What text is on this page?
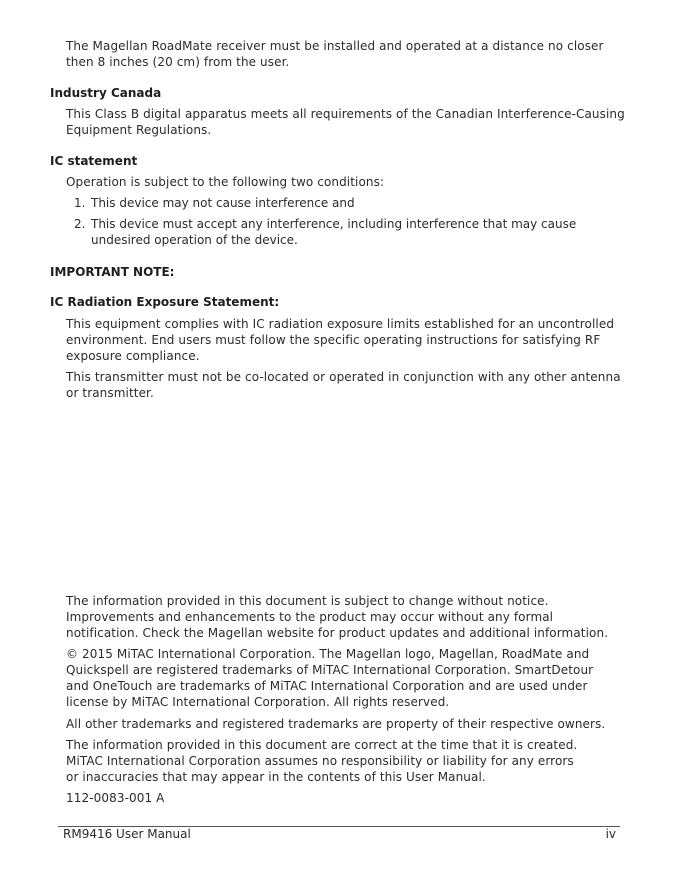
The Magellan RoadMate receiver must be installed and operated at a distance no closer then 8 inches (20 cm) from the user.

Industry Canada

This Class B digital apparatus meets all requirements of the Canadian Interference-Causing Equipment Regulations.

IC statement

Operation is subject to the following two conditions:

1. This device may not cause interference and
2. This device must accept any interference, including interference that may cause undesired operation of the device.

IMPORTANT NOTE:

IC Radiation Exposure Statement:

This equipment complies with IC radiation exposure limits established for an uncontrolled environment. End users must follow the specific operating instructions for satisfying RF exposure compliance.

This transmitter must not be co-located or operated in conjunction with any other antenna or transmitter.

The information provided in this document is subject to change without notice. Improvements and enhancements to the product may occur without any formal notification. Check the Magellan website for product updates and additional information.

© 2015 MiTAC International Corporation. The Magellan logo, Magellan, RoadMate and Quickspell are registered trademarks of MiTAC International Corporation. SmartDetour and OneTouch are trademarks of MiTAC International Corporation and are used under license by MiTAC International Corporation. All rights reserved.

All other trademarks and registered trademarks are property of their respective owners.

The information provided in this document are correct at the time that it is created.
MiTAC International Corporation assumes no responsibility or liability for any errors or inaccuracies that may appear in the contents of this User Manual.

112-0083-001 A

RM9416 User Manual	iv
